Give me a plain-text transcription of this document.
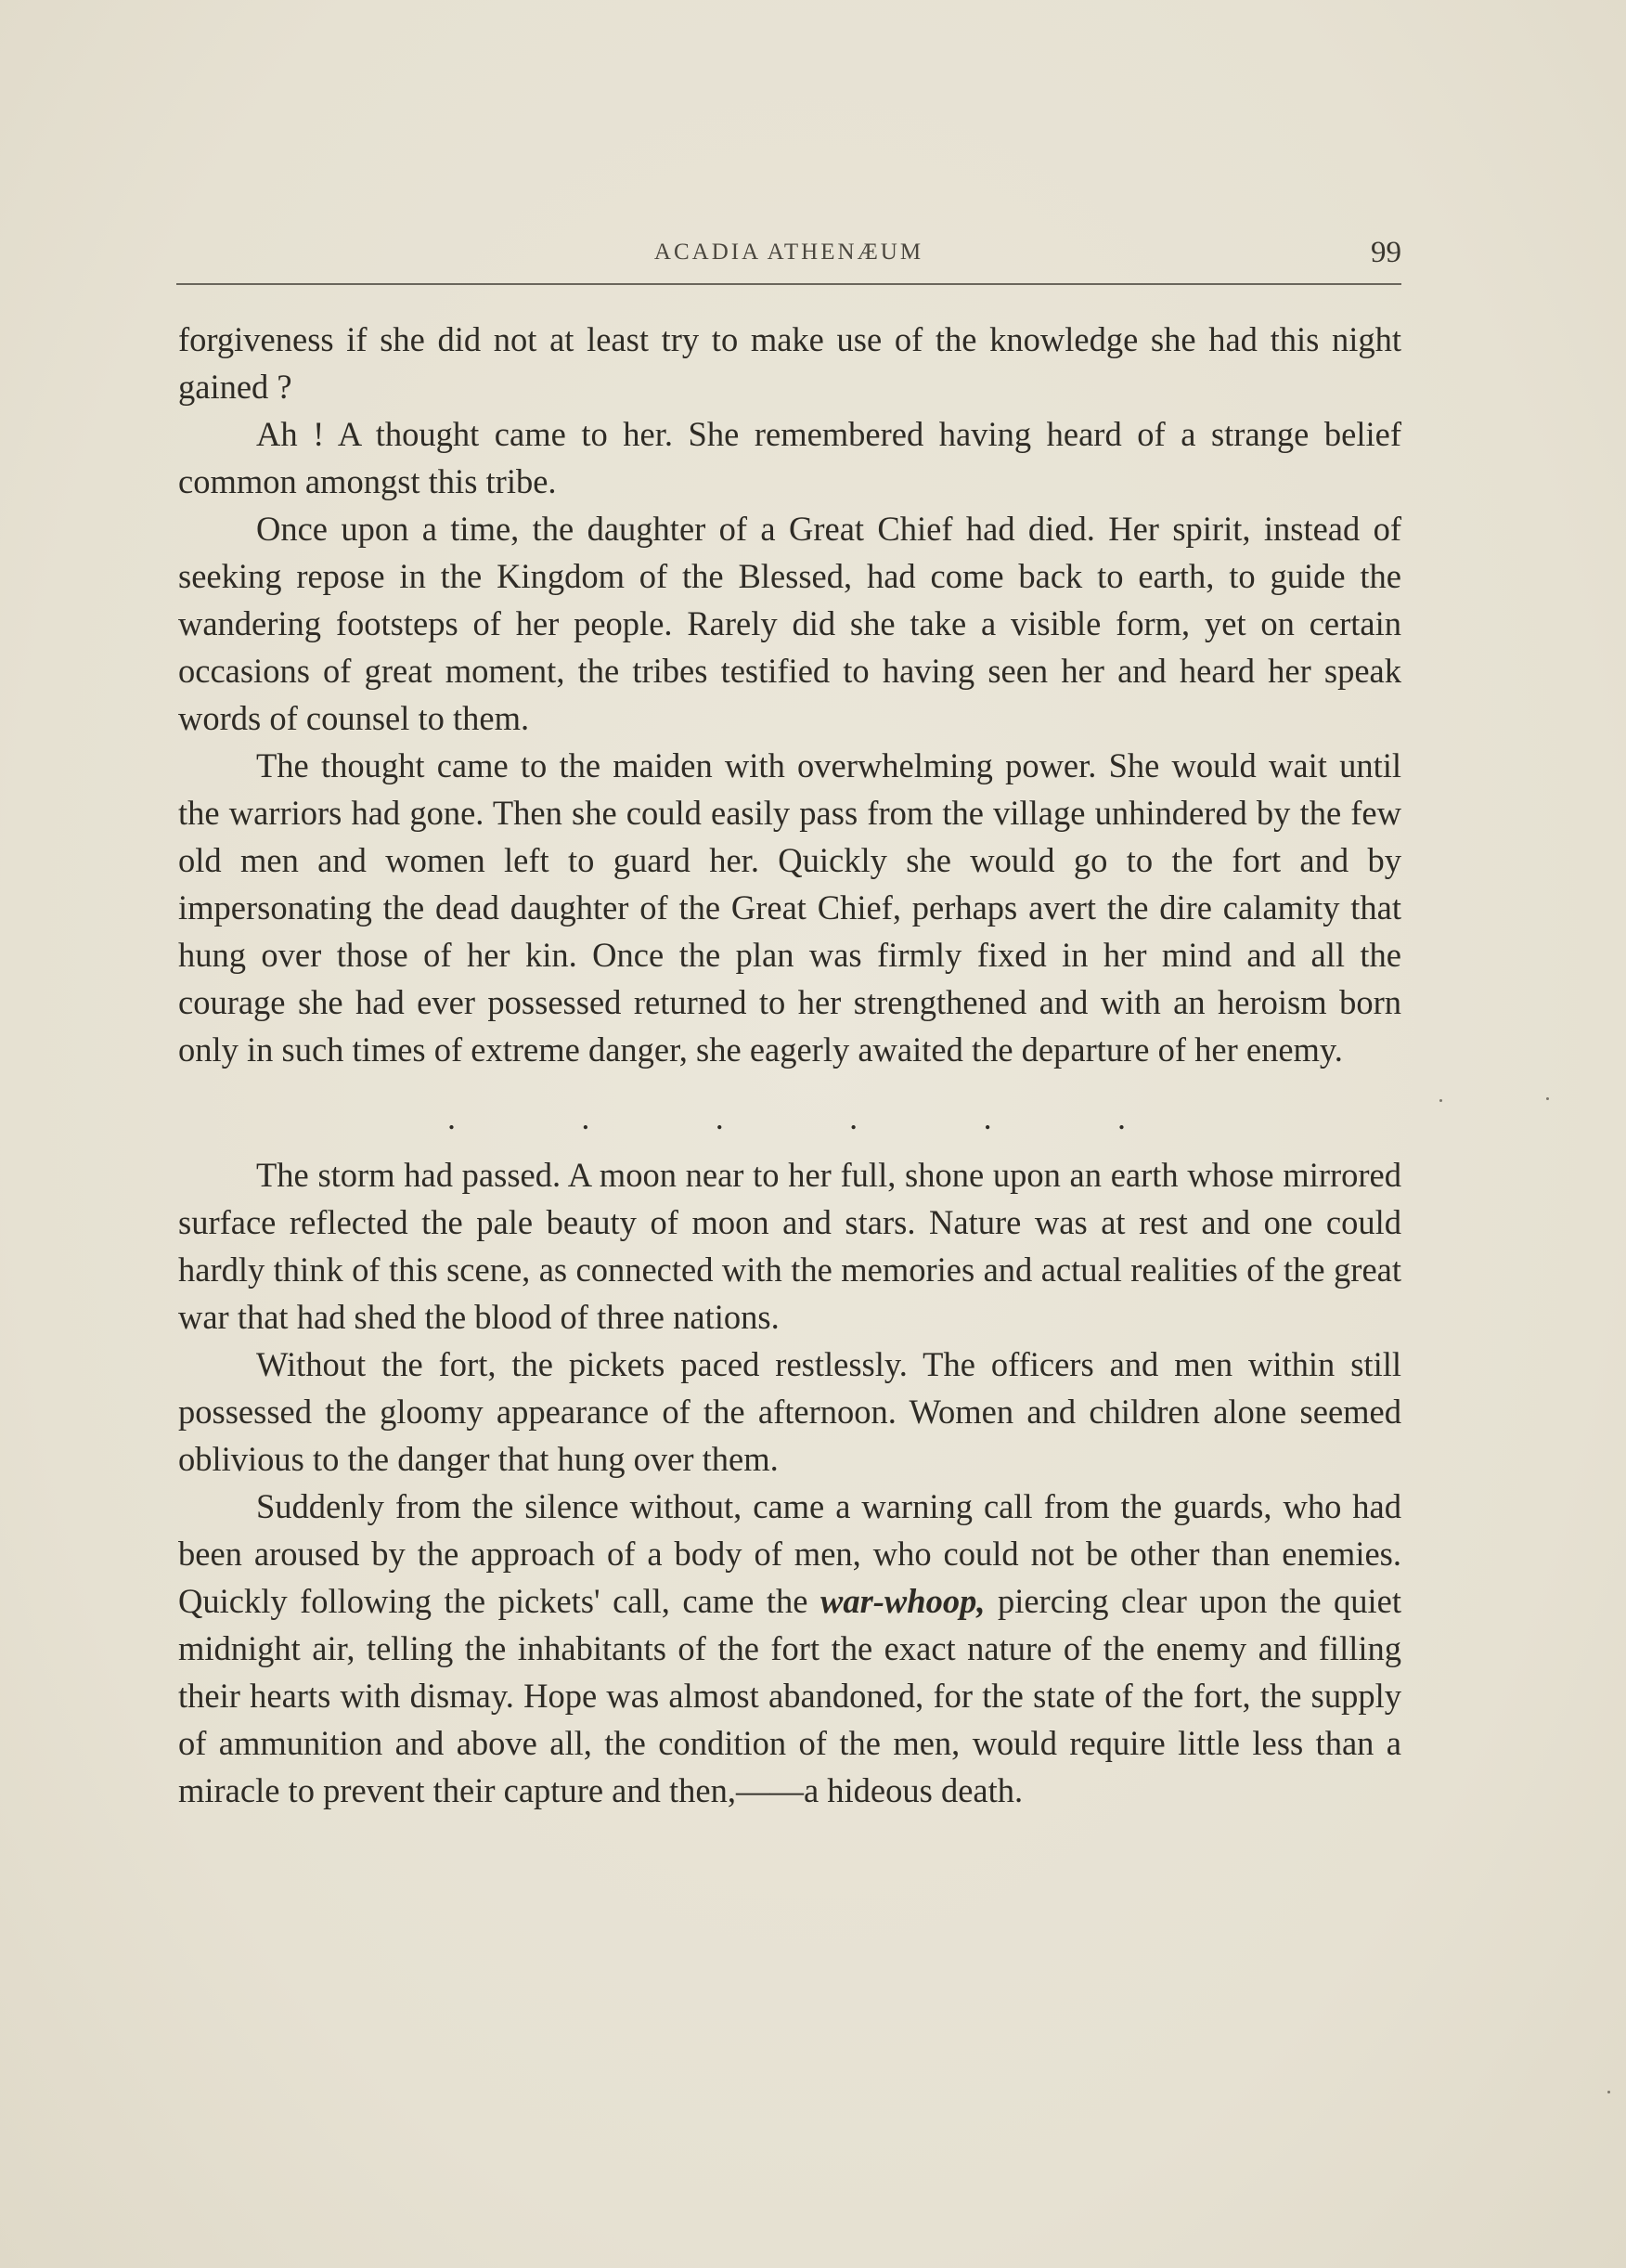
ACADIA ATHENÆUM	99

forgiveness if she did not at least try to make use of the knowledge she had this night gained ?

Ah ! A thought came to her. She remembered having heard of a strange belief common amongst this tribe.

Once upon a time, the daughter of a Great Chief had died. Her spirit, instead of seeking repose in the Kingdom of the Blessed, had come back to earth, to guide the wandering footsteps of her people. Rarely did she take a visible form, yet on certain occasions of great moment, the tribes testified to having seen her and heard her speak words of counsel to them.

The thought came to the maiden with overwhelming power. She would wait until the warriors had gone. Then she could easily pass from the village unhindered by the few old men and women left to guard her. Quickly she would go to the fort and by impersonating the dead daughter of the Great Chief, perhaps avert the dire calamity that hung over those of her kin. Once the plan was firmly fixed in her mind and all the courage she had ever possessed returned to her strengthened and with an heroism born only in such times of extreme danger, she eagerly awaited the departure of her enemy.

.	.	.	.	.	.

The storm had passed. A moon near to her full, shone upon an earth whose mirrored surface reflected the pale beauty of moon and stars. Nature was at rest and one could hardly think of this scene, as connected with the memories and actual realities of the great war that had shed the blood of three nations.

Without the fort, the pickets paced restlessly. The officers and men within still possessed the gloomy appearance of the afternoon. Women and children alone seemed oblivious to the danger that hung over them.

Suddenly from the silence without, came a warning call from the guards, who had been aroused by the approach of a body of men, who could not be other than enemies. Quickly following the pickets' call, came the war-whoop, piercing clear upon the quiet midnight air, telling the inhabitants of the fort the exact nature of the enemy and filling their hearts with dismay. Hope was almost abandoned, for the state of the fort, the supply of ammunition and above all, the condition of the men, would require little less than a miracle to prevent their capture and then,——a hideous death.
